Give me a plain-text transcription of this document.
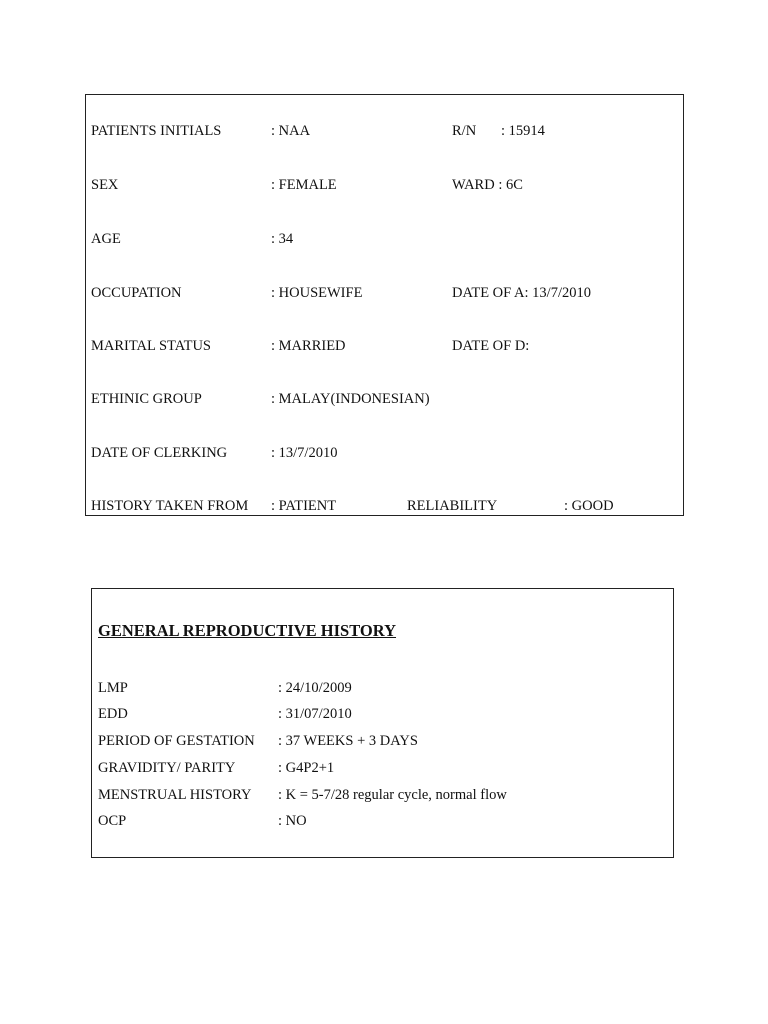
PATIENTS INITIALS	: NAA	R/N : 15914
SEX	: FEMALE	WARD : 6C
AGE	: 34
OCCUPATION	: HOUSEWIFE	DATE OF A: 13/7/2010
MARITAL STATUS	: MARRIED	DATE OF D:
ETHINIC GROUP	: MALAY(INDONESIAN)
DATE OF CLERKING	: 13/7/2010
HISTORY TAKEN FROM : PATIENT	RELIABILITY	: GOOD
GENERAL REPRODUCTIVE HISTORY
LMP	: 24/10/2009
EDD	: 31/07/2010
PERIOD OF GESTATION : 37 WEEKS + 3 DAYS
GRAVIDITY/ PARITY	: G4P2+1
MENSTRUAL HISTORY : K = 5-7/28 regular cycle, normal flow
OCP	: NO
